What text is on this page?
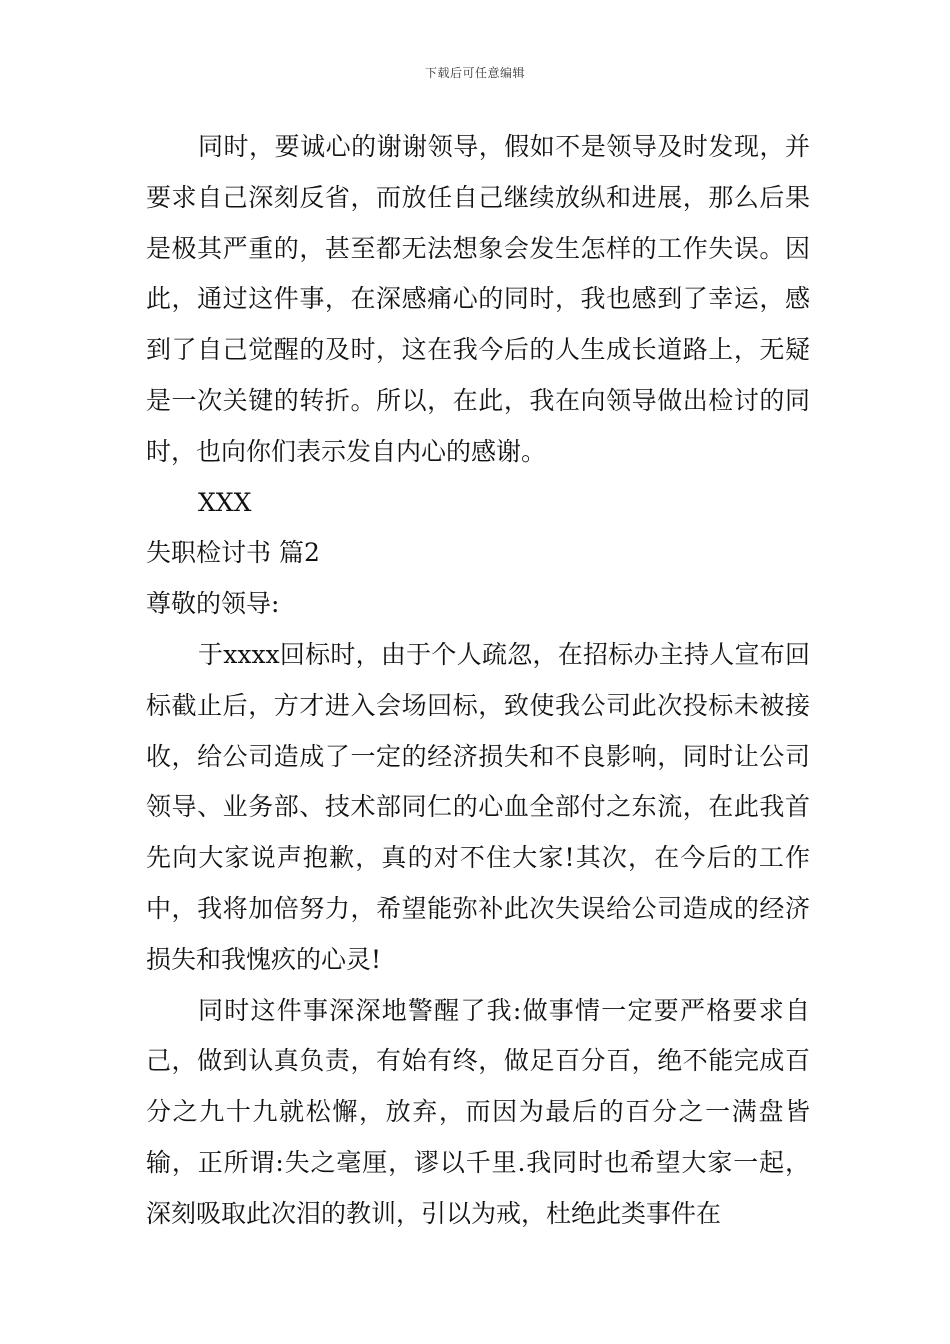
下载后可任意编辑

同时，要诚心的谢谢领导，假如不是领导及时发现，并要求自己深刻反省，而放任自己继续放纵和进展，那么后果是极其严重的，甚至都无法想象会发生怎样的工作失误。因此，通过这件事，在深感痛心的同时，我也感到了幸运，感到了自己觉醒的及时，这在我今后的人生成长道路上，无疑是一次关键的转折。所以，在此，我在向领导做出检讨的同时，也向你们表示发自内心的感谢。

XXX

失职检讨书 篇2

尊敬的领导:

于xxxx回标时，由于个人疏忽，在招标办主持人宣布回标截止后，方才进入会场回标，致使我公司此次投标未被接收，给公司造成了一定的经济损失和不良影响，同时让公司领导、业务部、技术部同仁的心血全部付之东流，在此我首先向大家说声抱歉，真的对不住大家!其次，在今后的工作中，我将加倍努力，希望能弥补此次失误给公司造成的经济损失和我愧疚的心灵!

同时这件事深深地警醒了我:做事情一定要严格要求自己，做到认真负责，有始有终，做足百分百，绝不能完成百分之九十九就松懈，放弃，而因为最后的百分之一满盘皆输，正所谓:失之毫厘，谬以千里.我同时也希望大家一起，深刻吸取此次泪的教训，引以为戒，杜绝此类事件在
